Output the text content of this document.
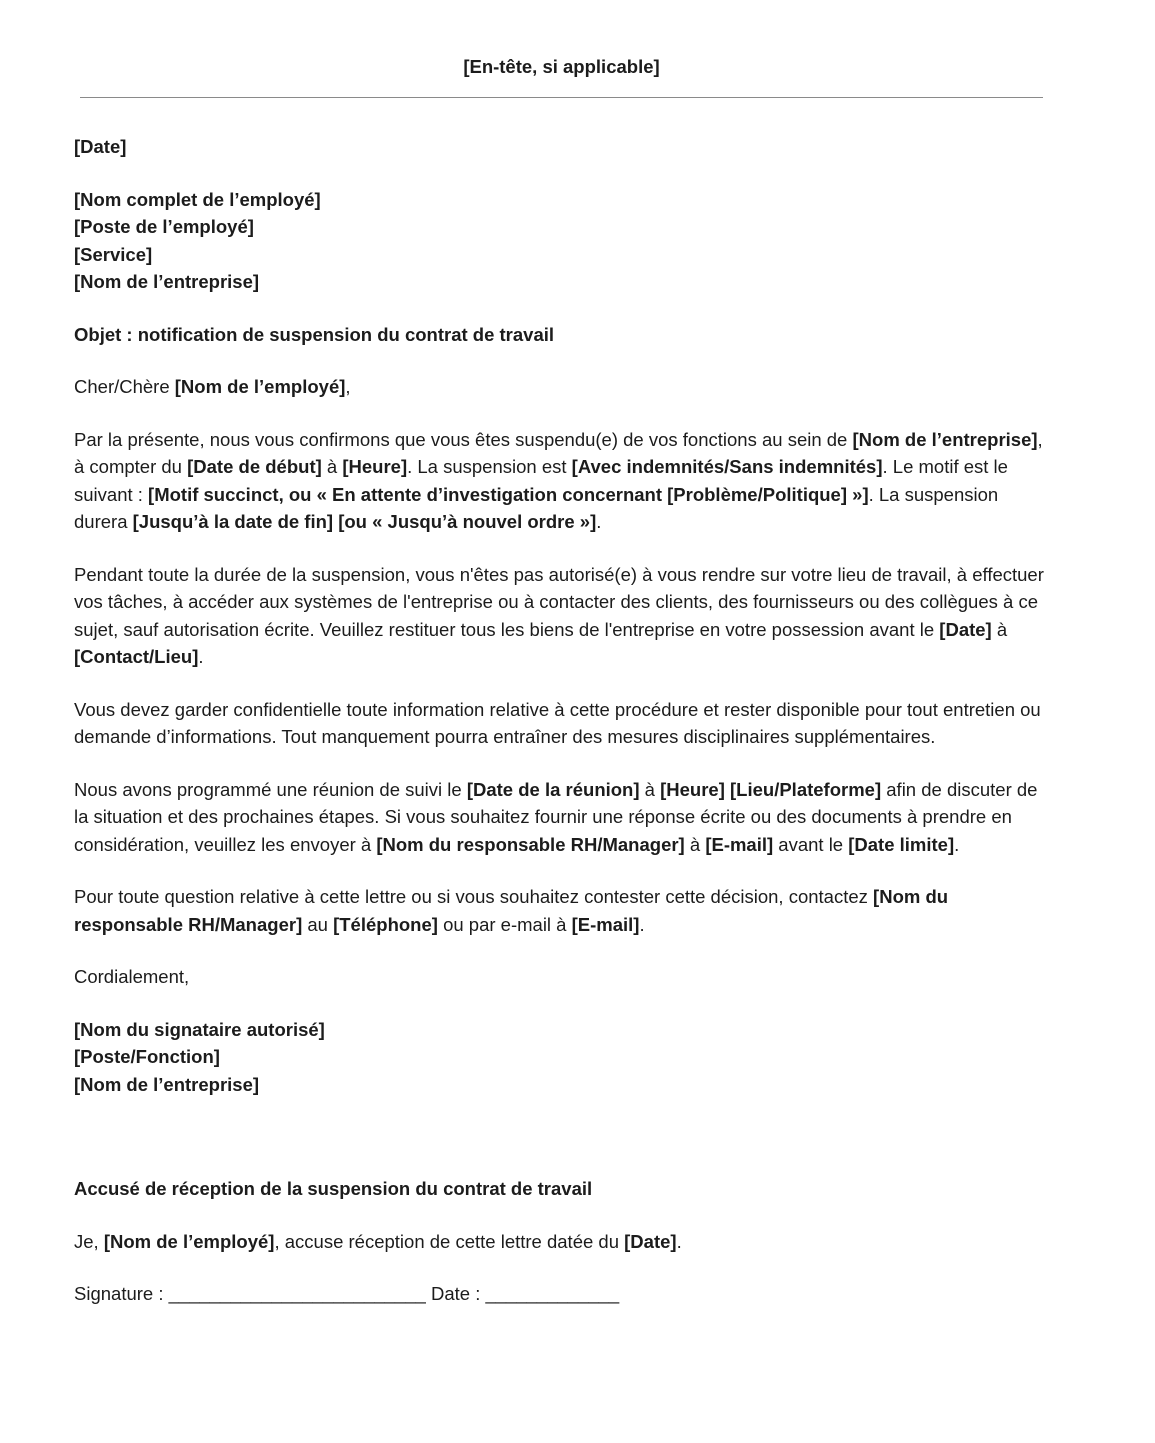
[En-tête, si applicable]

[Date]

[Nom complet de l’employé]
[Poste de l’employé]
[Service]
[Nom de l’entreprise]

Objet : notification de suspension du contrat de travail

Cher/Chère [Nom de l’employé],

Par la présente, nous vous confirmons que vous êtes suspendu(e) de vos fonctions au sein de [Nom de l’entreprise], à compter du [Date de début] à [Heure]. La suspension est [Avec indemnités/Sans indemnités]. Le motif est le suivant : [Motif succinct, ou « En attente d’investigation concernant [Problème/Politique] »]. La suspension durera [Jusqu’à la date de fin] [ou « Jusqu’à nouvel ordre »].

Pendant toute la durée de la suspension, vous n'êtes pas autorisé(e) à vous rendre sur votre lieu de travail, à effectuer vos tâches, à accéder aux systèmes de l'entreprise ou à contacter des clients, des fournisseurs ou des collègues à ce sujet, sauf autorisation écrite. Veuillez restituer tous les biens de l'entreprise en votre possession avant le [Date] à [Contact/Lieu].

Vous devez garder confidentielle toute information relative à cette procédure et rester disponible pour tout entretien ou demande d’informations. Tout manquement pourra entraîner des mesures disciplinaires supplémentaires.

Nous avons programmé une réunion de suivi le [Date de la réunion] à [Heure] [Lieu/Plateforme] afin de discuter de la situation et des prochaines étapes. Si vous souhaitez fournir une réponse écrite ou des documents à prendre en considération, veuillez les envoyer à [Nom du responsable RH/Manager] à [E-mail] avant le [Date limite].

Pour toute question relative à cette lettre ou si vous souhaitez contester cette décision, contactez [Nom du responsable RH/Manager] au [Téléphone] ou par e-mail à [E-mail].

Cordialement,

[Nom du signataire autorisé]
[Poste/Fonction]
[Nom de l’entreprise]

Accusé de réception de la suspension du contrat de travail

Je, [Nom de l’employé], accuse réception de cette lettre datée du [Date].

Signature : _________________________ Date : _____________
